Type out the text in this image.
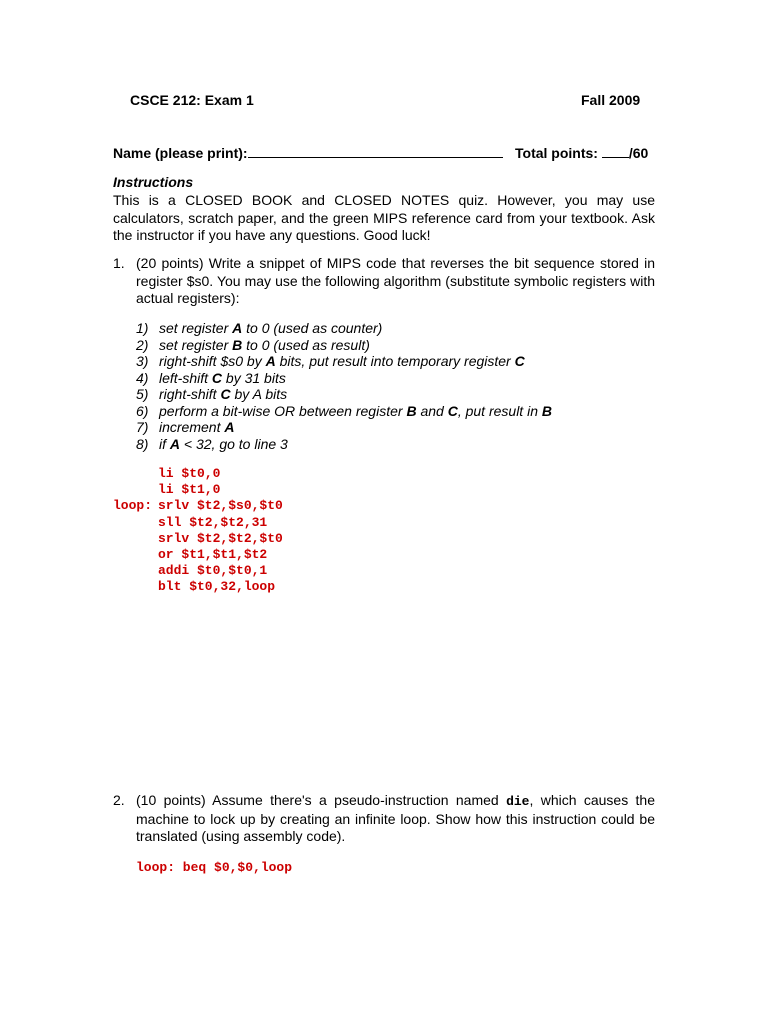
CSCE 212: Exam 1	Fall 2009
Name (please print):	Total points: /60
Instructions
This is a CLOSED BOOK and CLOSED NOTES quiz. However, you may use calculators, scratch paper, and the green MIPS reference card from your textbook. Ask the instructor if you have any questions. Good luck!
1. (20 points) Write a snippet of MIPS code that reverses the bit sequence stored in register $s0. You may use the following algorithm (substitute symbolic registers with actual registers):
1) set register A to 0 (used as counter)
2) set register B to 0 (used as result)
3) right-shift $s0 by A bits, put result into temporary register C
4) left-shift C by 31 bits
5) right-shift C by A bits
6) perform a bit-wise OR between register B and C, put result in B
7) increment A
8) if A < 32, go to line 3
li $t0,0
li $t1,0
loop: srlv $t2,$s0,$t0
sll $t2,$t2,31
srlv $t2,$t2,$t0
or $t1,$t1,$t2
addi $t0,$t0,1
blt $t0,32,loop
2. (10 points) Assume there's a pseudo-instruction named die, which causes the machine to lock up by creating an infinite loop. Show how this instruction could be translated (using assembly code).
loop: beq $0,$0,loop
